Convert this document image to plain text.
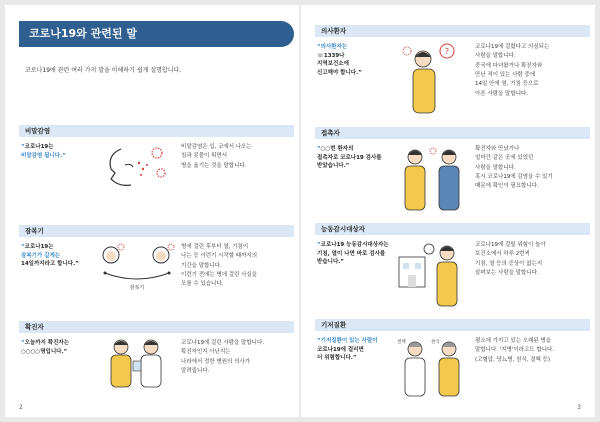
코로나19와 관련된 말
코로나19에 관련 여러 가지 말을 이해하기 쉽게 설명합니다.
비말감염
“코로나19는
비말감염 됩니다.”
비말감염은 입, 코에서 나오는
침과 콧물이 튀면서
병을 옮기는 것을 말합니다.
잠복기
“코로나19는
잠복기가 길게는
14일까지라고 합니다.”
잠복기
병에 걸린 후부터 열, 기침이
나는 등 이런기 시작할 때까지의
기간을 말합니다.
이런기 전에는 병에 걸린 사실을
모를 수 있습니다.
확진자
“오늘까지 확진자는
○○○○명입니다.”
코로나19에 걸린 사람을 말합니다.
확진자인지 아닌지는
나라에서 정한 병원의 의사가
알려줍니다.
2
의사환자
“의사환자는
☏1339나
지역보건소에
신고해야 합니다.”
?	코로나19에 걸렸다고 의심되는
사람을 말합니다.
중국에 다녀왔거나 확진자와
만난 적이 있는 사람 중에
14일 안에 열, 기침 등으로
아픈 사람을 말합니다.
접촉자
“○○번 환자의
접촉자로 코로나19 검사를
받았습니다.”
확진자와 만났거나
얼마간 같은 곳에 있었던
사람을 말합니다.
혹시 코로나19에 감염을 수 있기
때문에 확인이 필요합니다.
능동감시대상자
“코로나19 능동감시대상자는
기침, 열이 나면 바로 검사를
받습니다.”
코로나19에 걸릴 위험이 높아
보건소에서 하루 2번씩
기침, 열 등의 증상이 없는지
살펴보는 사람을 말합니다.
기저질환
“기저질환이 있는 사람이
코로나19에 걸리면
더 위험합니다.”
결핵	천식	평소에 가지고 있는 오래된 병을
말합니다. '지병'이라고도 합니다.
(고혈압, 당뇨병, 천식, 결핵 등)
3
